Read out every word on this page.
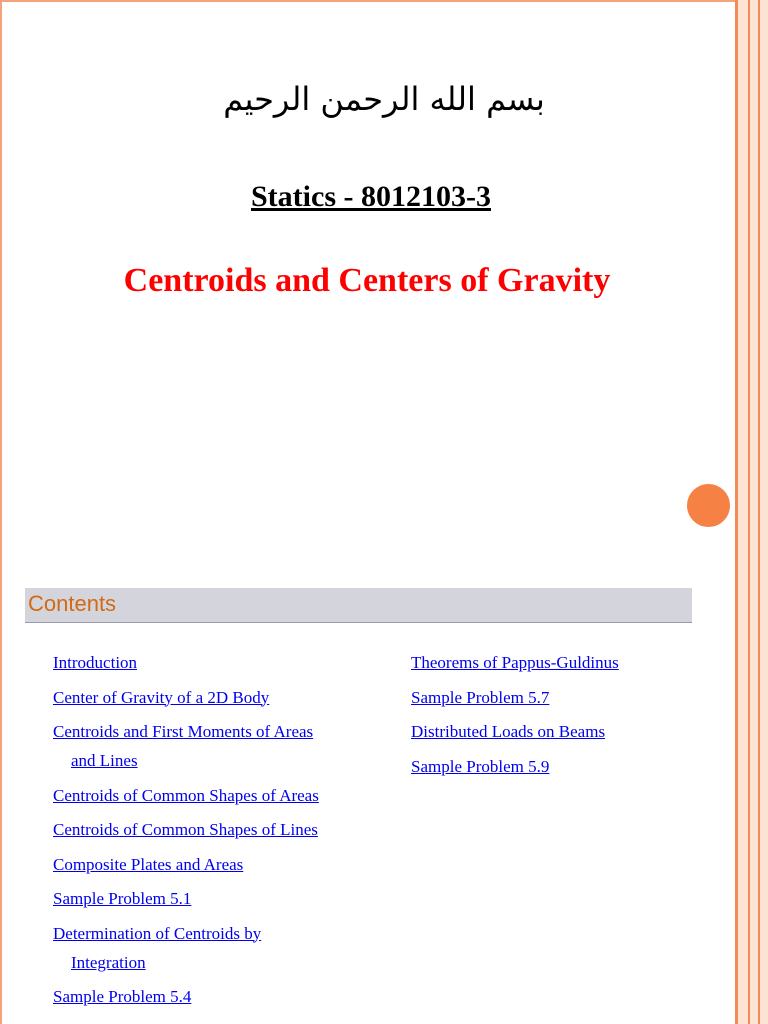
بسم الله الرحمن الرحيم
Statics - 8012103-3
Centroids and Centers of Gravity
Contents
Introduction
Center of Gravity of a 2D Body
Centroids and First Moments of Areas
and Lines
Centroids of Common Shapes of Areas
Centroids of Common Shapes of Lines
Composite Plates and Areas
Sample Problem 5.1
Determination of Centroids by
Integration
Sample Problem 5.4
Theorems of Pappus-Guldinus
Sample Problem 5.7
Distributed Loads on Beams
Sample Problem 5.9
